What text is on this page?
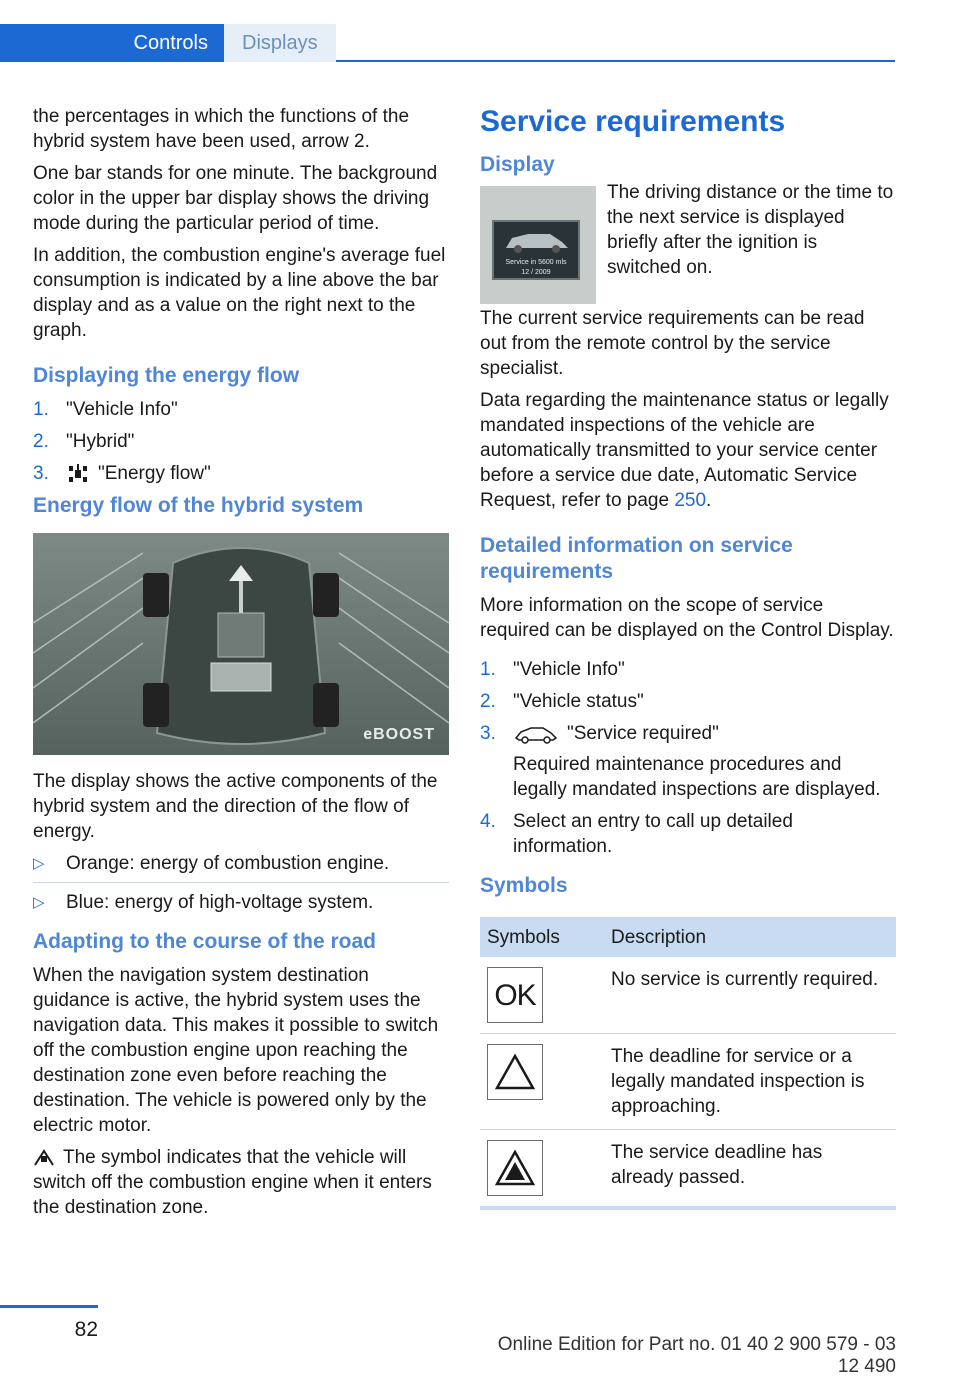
Controls Displays

the percentages in which the functions of the hybrid system have been used, arrow 2.

One bar stands for one minute. The background color in the upper bar display shows the driving mode during the particular period of time.

In addition, the combustion engine's average fuel consumption is indicated by a line above the bar display and as a value on the right next to the graph.

Displaying the energy flow
1. "Vehicle Info"
2. "Hybrid"
3.	"Energy flow"
Energy flow of the hybrid system
eBOOST

The display shows the active components of the hybrid system and the direction of the flow of energy.

▷	Orange: energy of combustion engine.
▷	Blue: energy of high-voltage system.
Adapting to the course of the road

When the navigation system destination guidance is active, the hybrid system uses the navigation data. This makes it possible to switch off the combustion engine upon reaching the destination zone even before reaching the destination. The vehicle is powered only by the electric motor.

The symbol indicates that the vehicle will switch off the combustion engine when it enters the destination zone.

Service requirements
Display
Service in 5600 mls
12 / 2009

The driving distance or the time to the next service is displayed briefly after the ignition is switched on.

The current service requirements can be read out from the remote control by the service specialist.

Data regarding the maintenance status or legally mandated inspections of the vehicle are automatically transmitted to your service center before a service due date, Automatic Service Request, refer to page 250.

Detailed information on service requirements

More information on the scope of service required can be displayed on the Control Display.

1. "Vehicle Info"
2. "Vehicle status"
3.	"Service required"
Required maintenance procedures and legally mandated inspections are displayed.
4. Select an entry to call up detailed information.
Symbols
Symbols	Description

OK	No service is currently required.

	The deadline for service or a legally mandated inspection is approaching.

	The service deadline has already passed.
82
Online Edition for Part no. 01 40 2 900 579 - 03 12 490
